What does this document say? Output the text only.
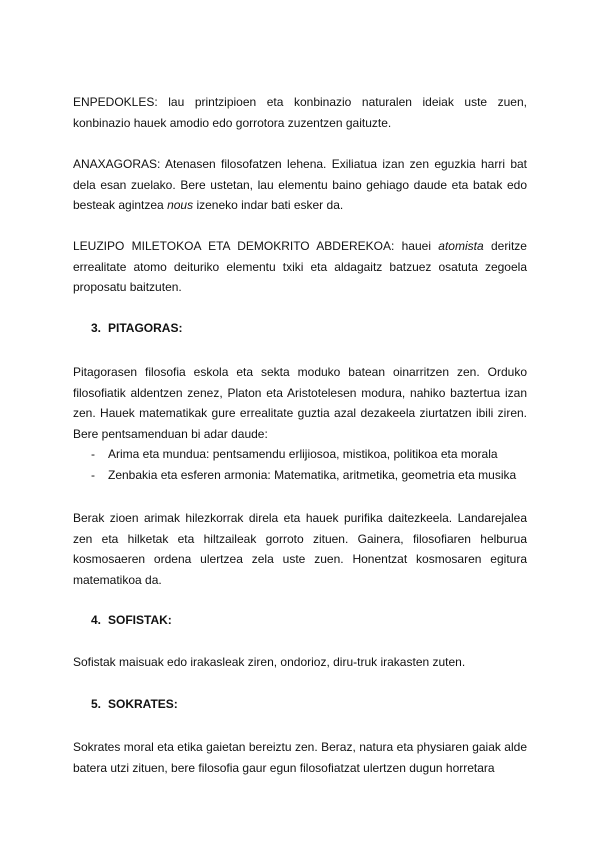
ENPEDOKLES: lau printzipioen eta konbinazio naturalen ideiak uste zuen, konbinazio hauek amodio edo gorrotora zuzentzen gaituzte.

ANAXAGORAS: Atenasen filosofatzen lehena. Exiliatua izan zen eguzkia harri bat dela esan zuelako. Bere ustetan, lau elementu baino gehiago daude eta batak edo besteak agintzea nous izeneko indar bati esker da.

LEUZIPO MILETOKOA ETA DEMOKRITO ABDEREKOA: hauei atomista deritze errealitate atomo deituriko elementu txiki eta aldagaitz batzuez osatuta zegoela proposatu baitzuten.

3. PITAGORAS:

Pitagorasen filosofia eskola eta sekta moduko batean oinarritzen zen. Orduko filosofiatik aldentzen zenez, Platon eta Aristotelesen modura, nahiko baztertua izan zen. Hauek matematikak gure errealitate guztia azal dezakeela ziurtatzen ibili ziren. Bere pentsamenduan bi adar daude:

- Arima eta mundua: pentsamendu erlijiosoa, mistikoa, politikoa eta morala
- Zenbakia eta esferen armonia: Matematika, aritmetika, geometria eta musika

Berak zioen arimak hilezkorrak direla eta hauek purifika daitezkeela. Landarejalea zen eta hilketak eta hiltzaileak gorroto zituen. Gainera, filosofiaren helburua kosmosaeren ordena ulertzea zela uste zuen. Honentzat kosmosaren egitura matematikoa da.

4. SOFISTAK:

Sofistak maisuak edo irakasleak ziren, ondorioz, diru-truk irakasten zuten.

5. SOKRATES:

Sokrates moral eta etika gaietan bereiztu zen. Beraz, natura eta physiaren gaiak alde batera utzi zituen, bere filosofia gaur egun filosofiatzat ulertzen dugun horretara
